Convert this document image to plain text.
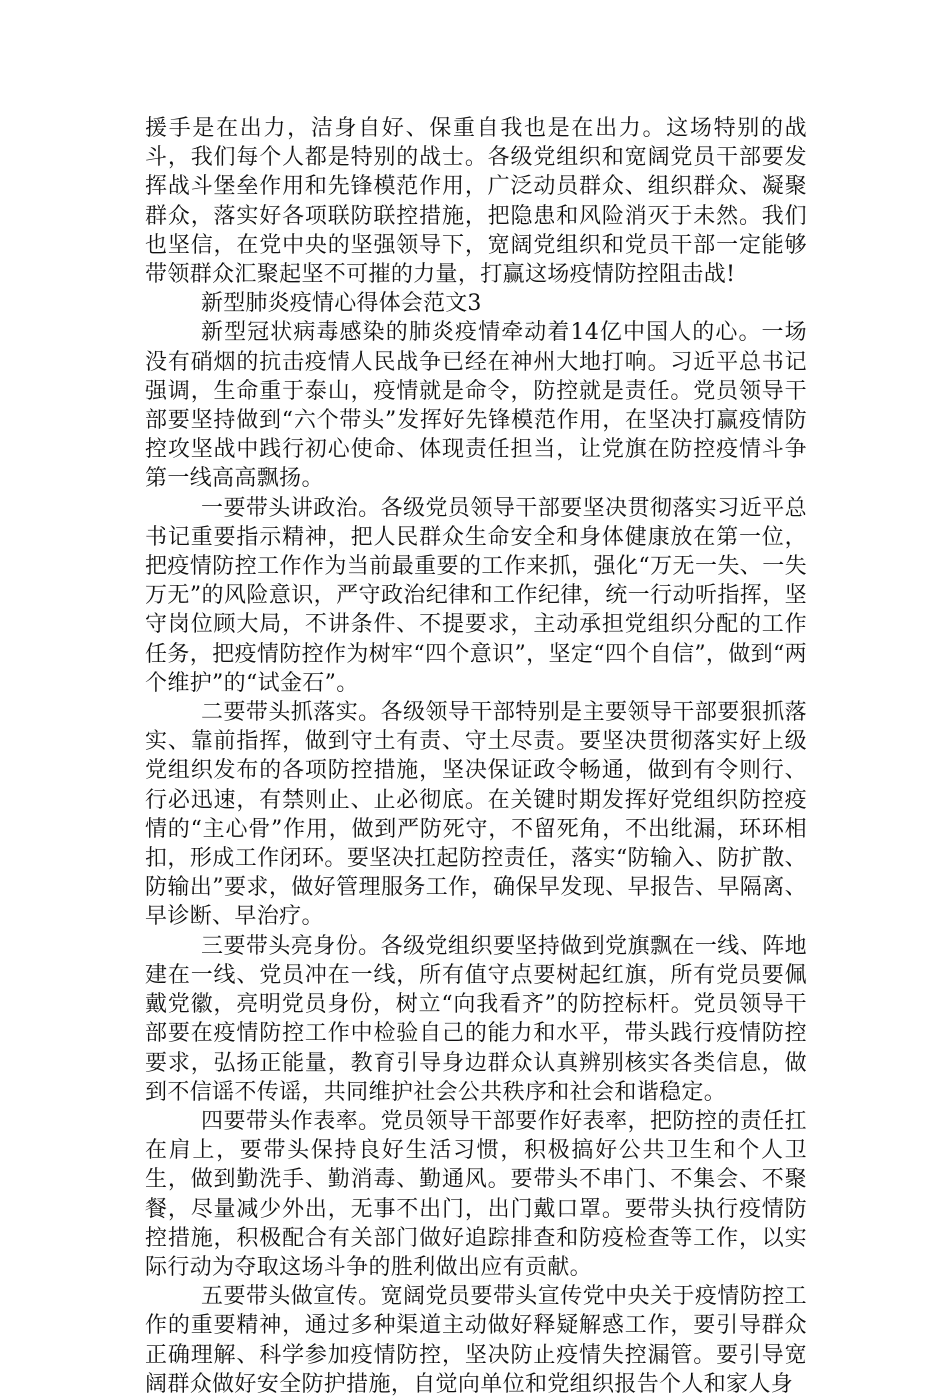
援手是在出力，洁身自好、保重自我也是在出力。这场特别的战斗，我们每个人都是特别的战士。各级党组织和宽阔党员干部要发挥战斗堡垒作用和先锋模范作用，广泛动员群众、组织群众、凝聚群众，落实好各项联防联控措施，把隐患和风险消灭于未然。我们也坚信，在党中央的坚强领导下，宽阔党组织和党员干部一定能够带领群众汇聚起坚不可摧的力量，打赢这场疫情防控阻击战!

新型肺炎疫情心得体会范文3

新型冠状病毒感染的肺炎疫情牵动着14亿中国人的心。一场没有硝烟的抗击疫情人民战争已经在神州大地打响。习近平总书记强调，生命重于泰山，疫情就是命令，防控就是责任。党员领导干部要坚持做到“六个带头”发挥好先锋模范作用，在坚决打赢疫情防控攻坚战中践行初心使命、体现责任担当，让党旗在防控疫情斗争第一线高高飘扬。

一要带头讲政治。各级党员领导干部要坚决贯彻落实习近平总书记重要指示精神，把人民群众生命安全和身体健康放在第一位，把疫情防控工作作为当前最重要的工作来抓，强化“万无一失、一失万无”的风险意识，严守政治纪律和工作纪律，统一行动听指挥，坚守岗位顾大局，不讲条件、不提要求，主动承担党组织分配的工作任务，把疫情防控作为树牢“四个意识”，坚定“四个自信”，做到“两个维护”的“试金石”。

二要带头抓落实。各级领导干部特别是主要领导干部要狠抓落实、靠前指挥，做到守土有责、守土尽责。要坚决贯彻落实好上级党组织发布的各项防控措施，坚决保证政令畅通，做到有令则行、行必迅速，有禁则止、止必彻底。在关键时期发挥好党组织防控疫情的“主心骨”作用，做到严防死守，不留死角，不出纰漏，环环相扣，形成工作闭环。要坚决扛起防控责任，落实“防输入、防扩散、防输出”要求，做好管理服务工作，确保早发现、早报告、早隔离、早诊断、早治疗。

三要带头亮身份。各级党组织要坚持做到党旗飘在一线、阵地建在一线、党员冲在一线，所有值守点要树起红旗，所有党员要佩戴党徽，亮明党员身份，树立“向我看齐”的防控标杆。党员领导干部要在疫情防控工作中检验自己的能力和水平，带头践行疫情防控要求，弘扬正能量，教育引导身边群众认真辨别核实各类信息，做到不信谣不传谣，共同维护社会公共秩序和社会和谐稳定。

四要带头作表率。党员领导干部要作好表率，把防控的责任扛在肩上，要带头保持良好生活习惯，积极搞好公共卫生和个人卫生，做到勤洗手、勤消毒、勤通风。要带头不串门、不集会、不聚餐，尽量减少外出，无事不出门，出门戴口罩。要带头执行疫情防控措施，积极配合有关部门做好追踪排查和防疫检查等工作，以实际行动为夺取这场斗争的胜利做出应有贡献。

五要带头做宣传。宽阔党员要带头宣传党中央关于疫情防控工作的重要精神，通过多种渠道主动做好释疑解惑工作，要引导群众正确理解、科学参加疫情防控，坚决防止疫情失控漏管。要引导宽阔群众做好安全防护措施，自觉向单位和党组织报告个人和家人身
